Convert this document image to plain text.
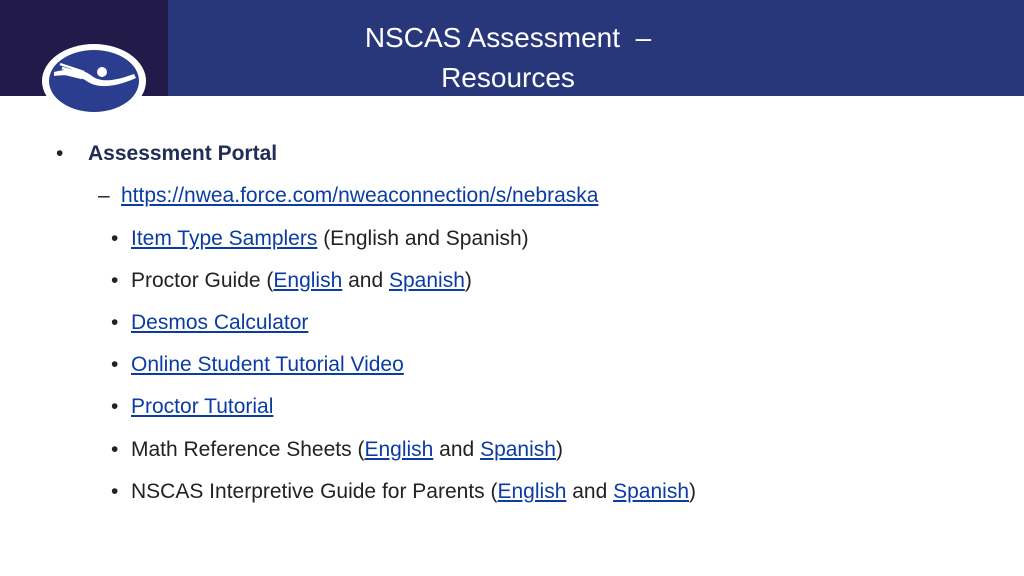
NSCAS Assessment  –
Resources
• Assessment Portal
– https://nwea.force.com/nweaconnection/s/nebraska
• Item Type Samplers (English and Spanish)
• Proctor Guide (English and Spanish)
• Desmos Calculator
• Online Student Tutorial Video
• Proctor Tutorial
• Math Reference Sheets (English and Spanish)
• NSCAS Interpretive Guide for Parents (English and Spanish)
